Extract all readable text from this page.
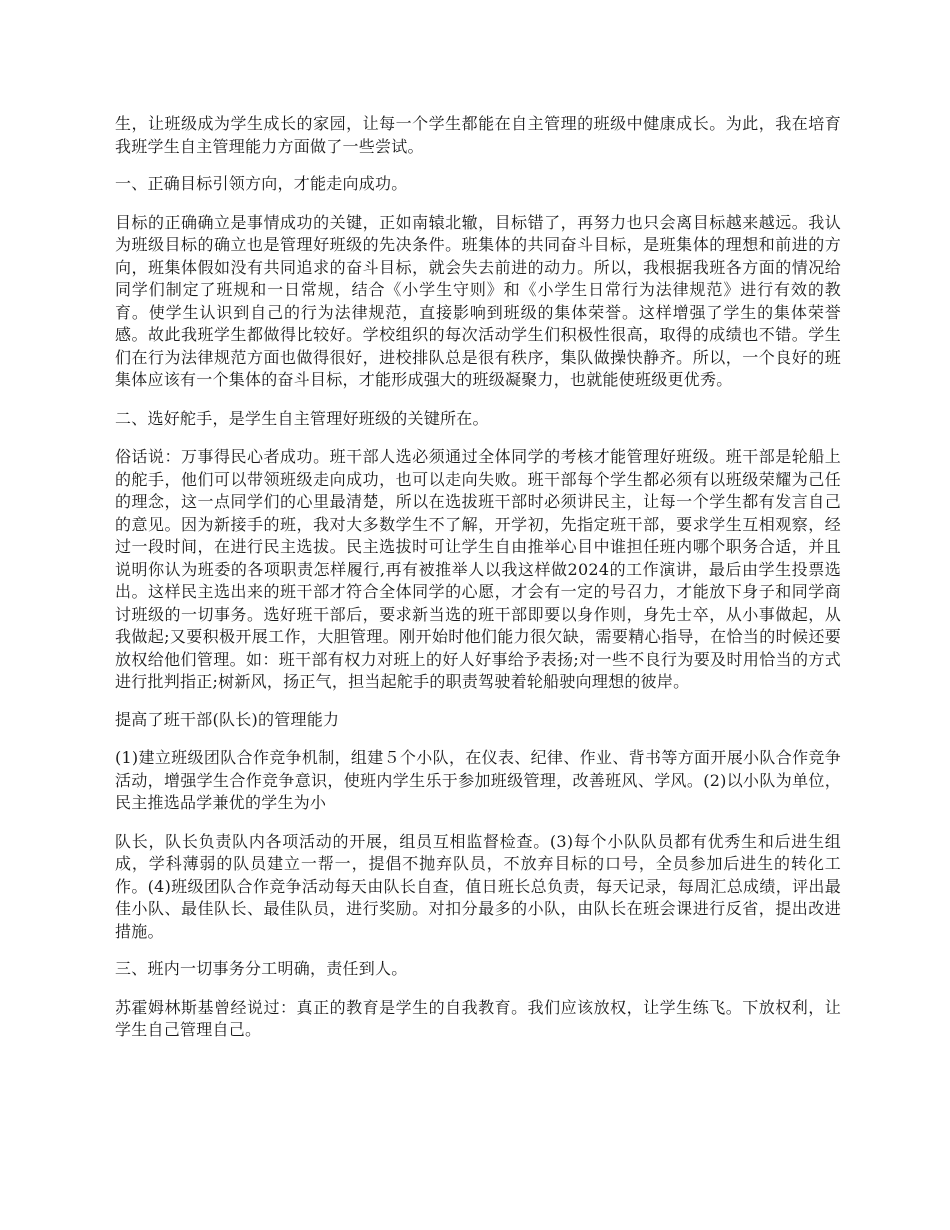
生，让班级成为学生成长的家园，让每一个学生都能在自主管理的班级中健康成长。为此，我在培育我班学生自主管理能力方面做了一些尝试。

一、正确目标引领方向，才能走向成功。

目标的正确确立是事情成功的关键，正如南辕北辙，目标错了，再努力也只会离目标越来越远。我认为班级目标的确立也是管理好班级的先决条件。班集体的共同奋斗目标，是班集体的理想和前进的方向，班集体假如没有共同追求的奋斗目标，就会失去前进的动力。所以，我根据我班各方面的情况给同学们制定了班规和一日常规，结合《小学生守则》和《小学生日常行为法律规范》进行有效的教育。使学生认识到自己的行为法律规范，直接影响到班级的集体荣誉。这样增强了学生的集体荣誉感。故此我班学生都做得比较好。学校组织的每次活动学生们积极性很高，取得的成绩也不错。学生们在行为法律规范方面也做得很好，进校排队总是很有秩序，集队做操快静齐。所以，一个良好的班集体应该有一个集体的奋斗目标，才能形成强大的班级凝聚力，也就能使班级更优秀。

二、选好舵手，是学生自主管理好班级的关键所在。

俗话说：万事得民心者成功。班干部人选必须通过全体同学的考核才能管理好班级。班干部是轮船上的舵手，他们可以带领班级走向成功，也可以走向失败。班干部每个学生都必须有以班级荣耀为己任的理念，这一点同学们的心里最清楚，所以在选拔班干部时必须讲民主，让每一个学生都有发言自己的意见。因为新接手的班，我对大多数学生不了解，开学初，先指定班干部，要求学生互相观察，经过一段时间，在进行民主选拔。民主选拔时可让学生自由推举心目中谁担任班内哪个职务合适，并且说明你认为班委的各项职责怎样履行,再有被推举人以我这样做2024的工作演讲，最后由学生投票选出。这样民主选出来的班干部才符合全体同学的心愿，才会有一定的号召力，才能放下身子和同学商讨班级的一切事务。选好班干部后，要求新当选的班干部即要以身作则，身先士卒，从小事做起，从我做起;又要积极开展工作，大胆管理。刚开始时他们能力很欠缺，需要精心指导，在恰当的时候还要放权给他们管理。如：班干部有权力对班上的好人好事给予表扬;对一些不良行为要及时用恰当的方式进行批判指正;树新风，扬正气，担当起舵手的职责驾驶着轮船驶向理想的彼岸。

提高了班干部(队长)的管理能力

(1)建立班级团队合作竞争机制，组建５个小队，在仪表、纪律、作业、背书等方面开展小队合作竞争活动，增强学生合作竞争意识，使班内学生乐于参加班级管理，改善班风、学风。(2)以小队为单位，民主推选品学兼优的学生为小

队长，队长负责队内各项活动的开展，组员互相监督检查。(3)每个小队队员都有优秀生和后进生组成，学科薄弱的队员建立一帮一，提倡不抛弃队员，不放弃目标的口号，全员参加后进生的转化工作。(4)班级团队合作竞争活动每天由队长自查，值日班长总负责，每天记录，每周汇总成绩，评出最佳小队、最佳队长、最佳队员，进行奖励。对扣分最多的小队，由队长在班会课进行反省，提出改进措施。

三、班内一切事务分工明确，责任到人。

苏霍姆林斯基曾经说过：真正的教育是学生的自我教育。我们应该放权，让学生练飞。下放权利，让学生自己管理自己。
